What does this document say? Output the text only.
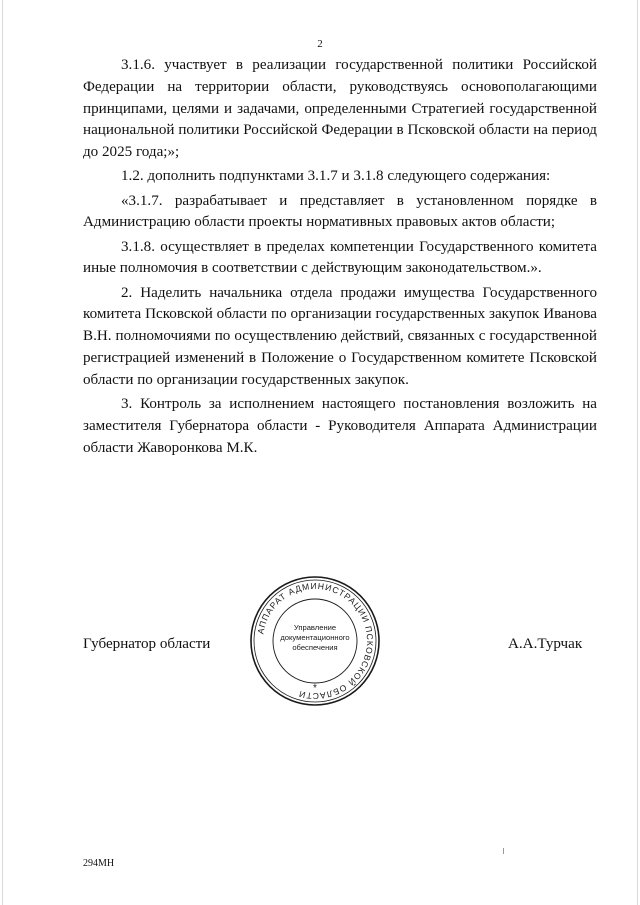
2

3.1.6. участвует в реализации государственной политики Российской Федерации на территории области, руководствуясь основополагающими принципами, целями и задачами, определенными Стратегией государственной национальной политики Российской Федерации в Псковской области на период до 2025 года;»;

1.2. дополнить подпунктами 3.1.7 и 3.1.8 следующего содержания:

«3.1.7. разрабатывает и представляет в установленном порядке в Администрацию области проекты нормативных правовых актов области;

3.1.8. осуществляет в пределах компетенции Государственного комитета иные полномочия в соответствии с действующим законодательством.».

2. Наделить начальника отдела продажи имущества Государственного комитета Псковской области по организации государственных закупок Иванова В.Н. полномочиями по осуществлению действий, связанных с государственной регистрацией изменений в Положение о Государственном комитете Псковской области по организации государственных закупок.

3. Контроль за исполнением настоящего постановления возложить на заместителя Губернатора области - Руководителя Аппарата Администрации области Жаворонкова М.К.

Губернатор области	А.А.Турчак
АППАРАТ АДМИНИСТРАЦИИ ПСКОВСКОЙ ОБЛАСТИ
Управление
документационного
обеспечения
*
294МН
